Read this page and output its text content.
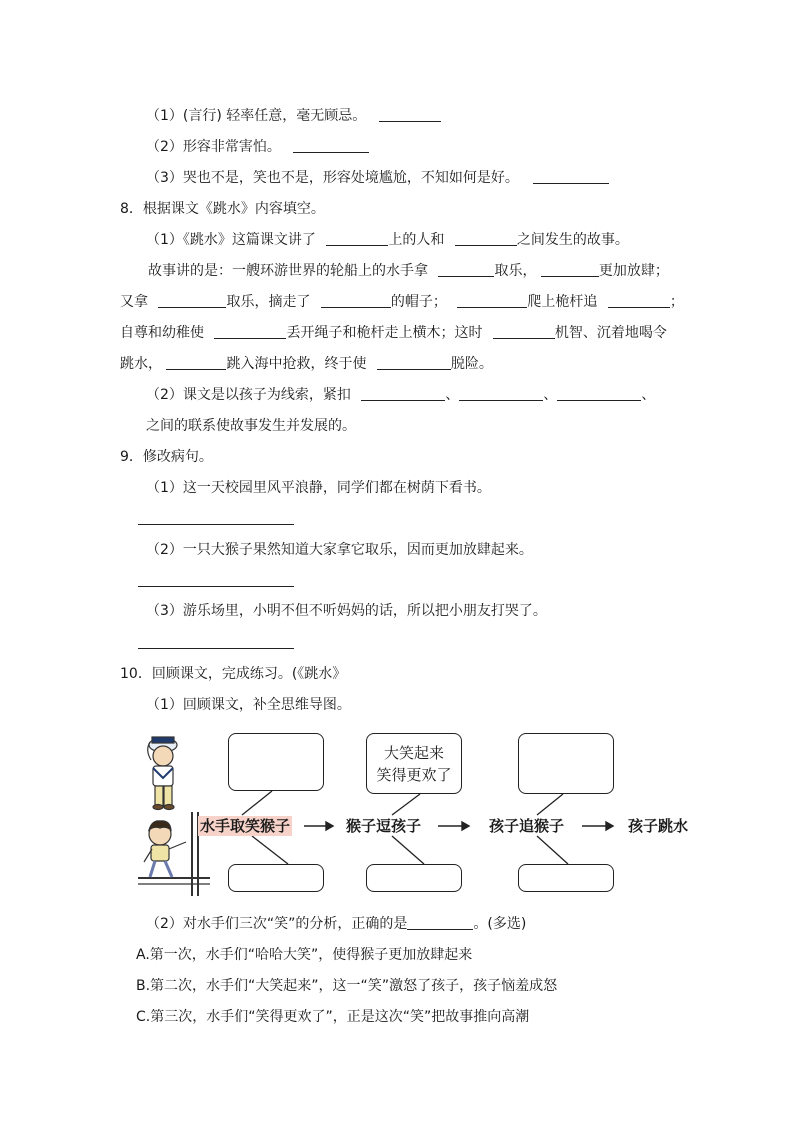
（1）(言行) 轻率任意，毫无顾忌。
（2）形容非常害怕。
（3）哭也不是，笑也不是，形容处境尴尬，不知如何是好。
8．根据课文《跳水》内容填空。
（1）《跳水》这篇课文讲了	上的人和	之间发生的故事。
故事讲的是：一艘环游世界的轮船上的水手拿	取乐，	更加放肆；
又拿	取乐，摘走了	的帽子；	爬上桅杆追	；
自尊和幼稚使	丢开绳子和桅杆走上横木；这时	机智、沉着地喝令
跳水，	跳入海中抢救，终于使	脱险。
（2）课文是以孩子为线索，紧扣	、	、	、
之间的联系使故事发生并发展的。
9．修改病句。
（1）这一天校园里风平浪静，同学们都在树荫下看书。
（2）一只大猴子果然知道大家拿它取乐，因而更加放肆起来。
（3）游乐场里，小明不但不听妈妈的话，所以把小朋友打哭了。
10．回顾课文，完成练习。(《跳水》
（1）回顾课文，补全思维导图。
大笑起来
笑得更欢了
水手取笑猴子	猴子逗孩子	孩子追猴子	孩子跳水
（2）对水手们三次“笑”的分析，正确的是	。(多选)
A.第一次，水手们“哈哈大笑”，使得猴子更加放肆起来
B.第二次，水手们“大笑起来”，这一“笑”激怒了孩子，孩子恼羞成怒
C.第三次，水手们“笑得更欢了”，正是这次“笑”把故事推向高潮
